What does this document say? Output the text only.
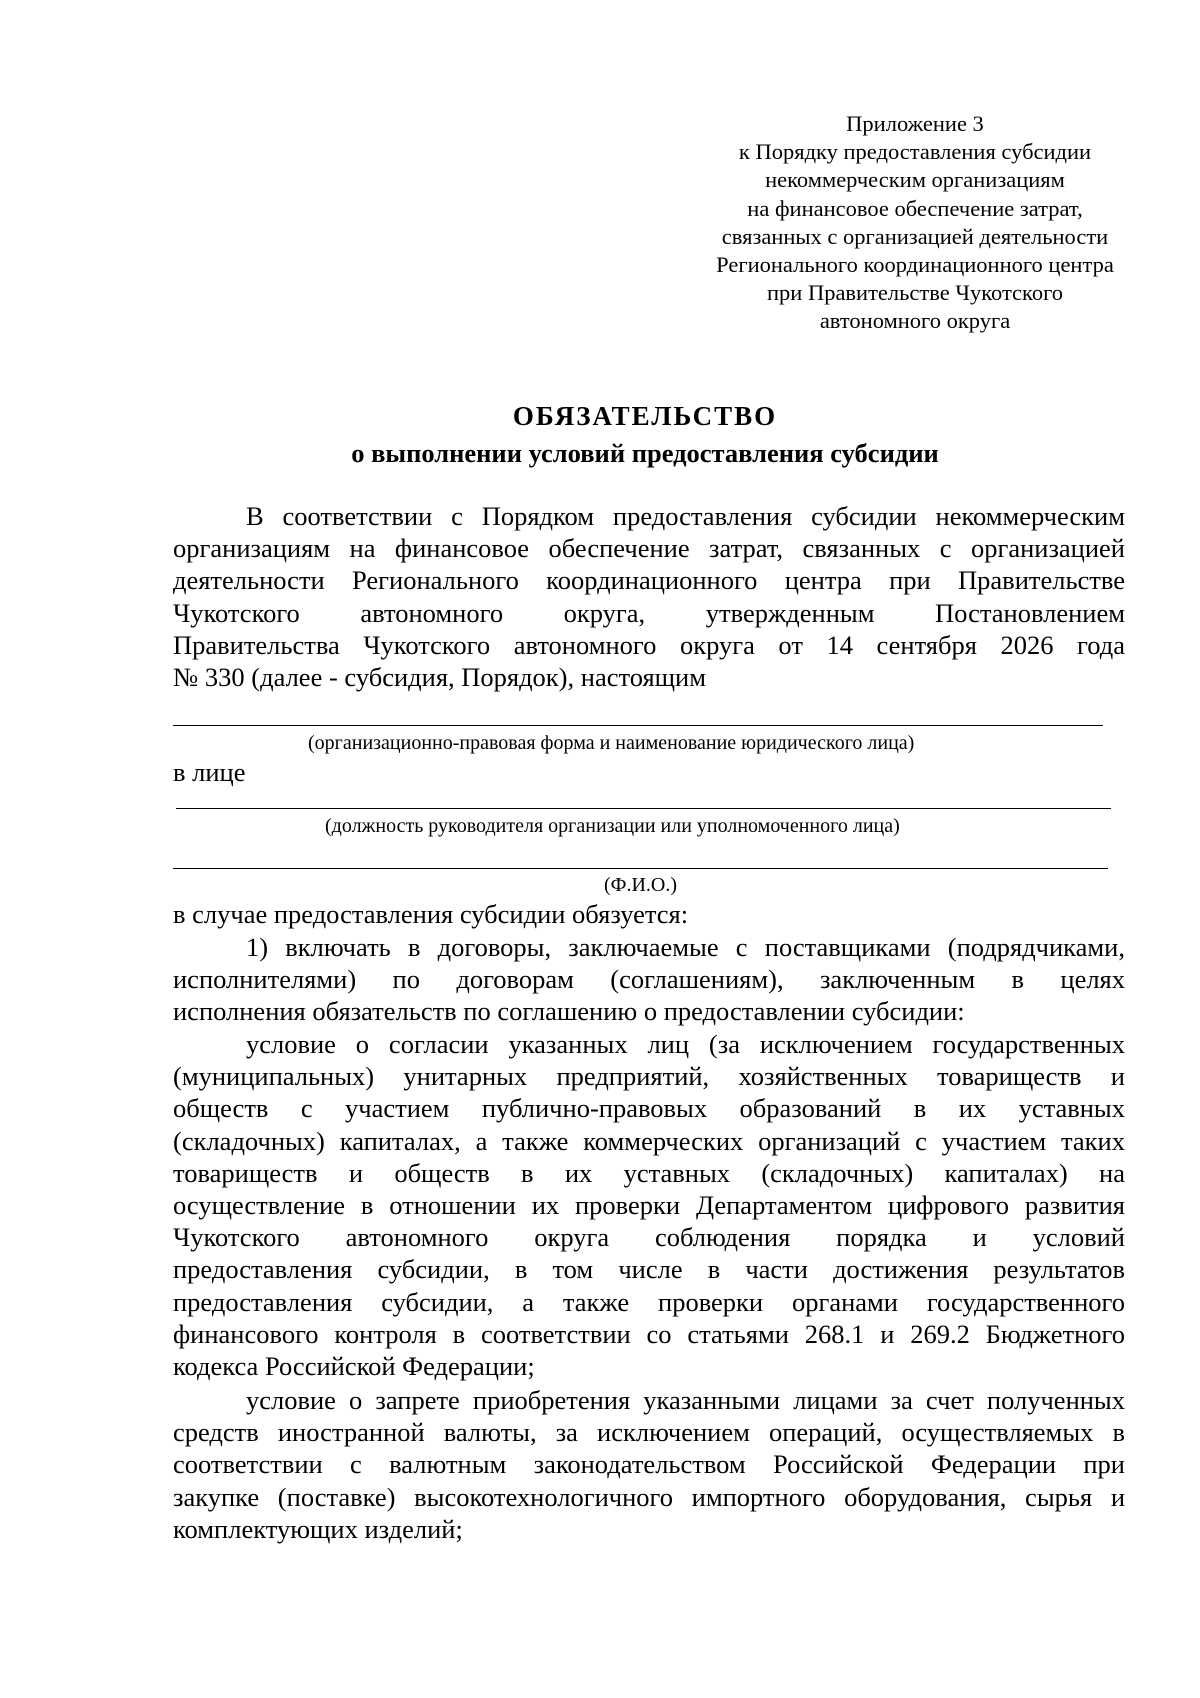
Приложение 3
к Порядку предоставления субсидии
некоммерческим организациям
на финансовое обеспечение затрат,
связанных с организацией деятельности
Регионального координационного центра
при Правительстве Чукотского
автономного округа
ОБЯЗАТЕЛЬСТВО
о выполнении условий предоставления субсидии
В соответствии с Порядком предоставления субсидии некоммерческим
организациям на финансовое обеспечение затрат, связанных с организацией
деятельности Регионального координационного центра при Правительстве
Чукотского автономного округа, утвержденным Постановлением
Правительства Чукотского автономного округа от 14 сентября 2026 года
№ 330 (далее - субсидия, Порядок), настоящим
(организационно-правовая форма и наименование юридического лица)
в лице
(должность руководителя организации или уполномоченного лица)
(Ф.И.О.)
в случае предоставления субсидии обязуется:
1) включать в договоры, заключаемые с поставщиками (подрядчиками,
исполнителями) по договорам (соглашениям), заключенным в целях
исполнения обязательств по соглашению о предоставлении субсидии:
условие о согласии указанных лиц (за исключением государственных
(муниципальных) унитарных предприятий, хозяйственных товариществ и
обществ с участием публично-правовых образований в их уставных
(складочных) капиталах, а также коммерческих организаций с участием таких
товариществ и обществ в их уставных (складочных) капиталах) на
осуществление в отношении их проверки Департаментом цифрового развития
Чукотского автономного округа соблюдения порядка и условий
предоставления субсидии, в том числе в части достижения результатов
предоставления субсидии, а также проверки органами государственного
финансового контроля в соответствии со статьями 268.1 и 269.2 Бюджетного
кодекса Российской Федерации;
условие о запрете приобретения указанными лицами за счет полученных
средств иностранной валюты, за исключением операций, осуществляемых в
соответствии с валютным законодательством Российской Федерации при
закупке (поставке) высокотехнологичного импортного оборудования, сырья и
комплектующих изделий;
